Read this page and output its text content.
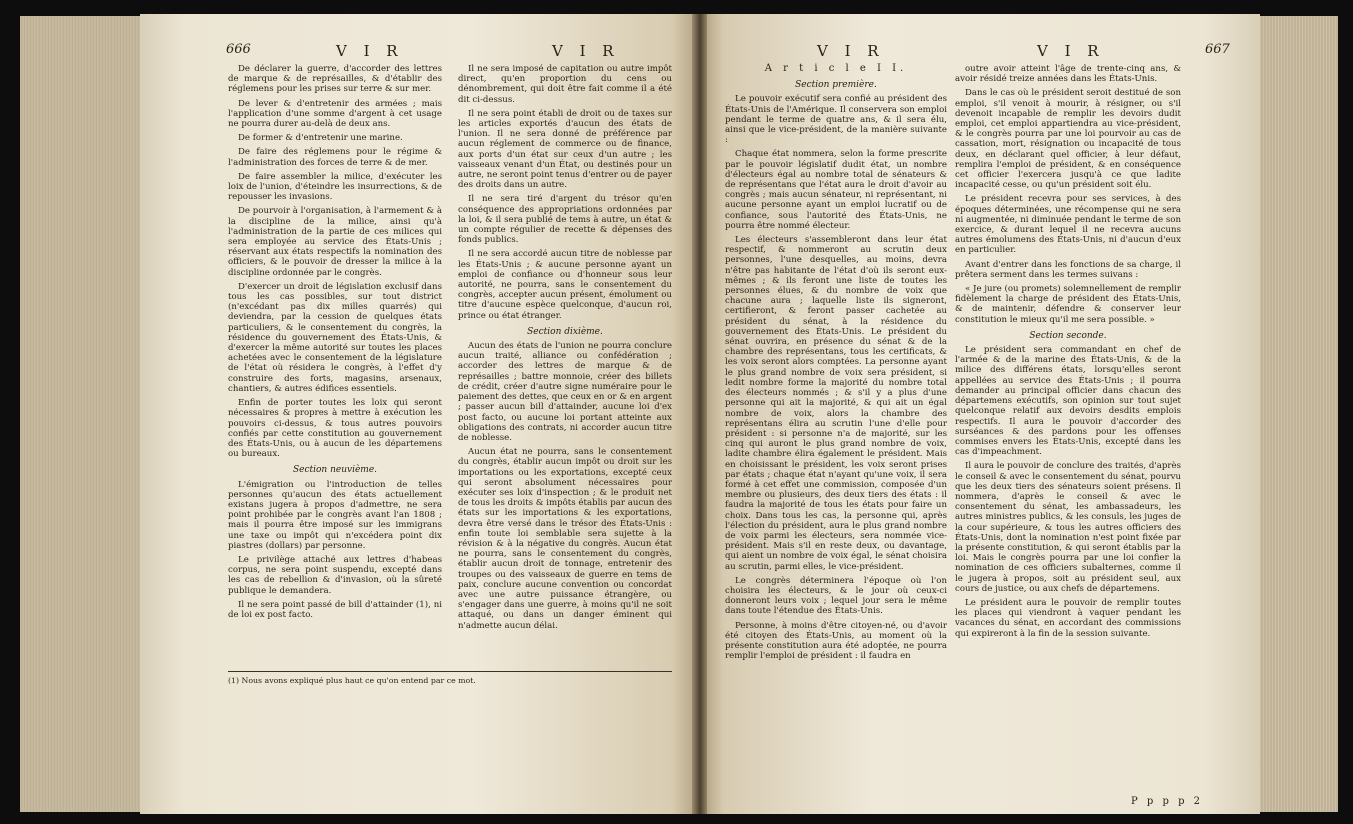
666	V I R	V I R

De déclarer la guerre, d'accorder des lettres de marque & de représailles, & d'établir des réglemens pour les prises sur terre & sur mer.

De lever & d'entretenir des armées ; mais l'application d'une somme d'argent à cet usage ne pourra durer au-delà de deux ans.

De former & d'entretenir une marine.

De faire des réglemens pour le régime & l'administration des forces de terre & de mer.

De faire assembler la milice, d'exécuter les loix de l'union, d'éteindre les insurrections, & de repousser les invasions.

De pourvoir à l'organisation, à l'armement & à la discipline de la milice, ainsi qu'à l'administration de la partie de ces milices qui sera employée au service des États-Unis ; réservant aux états respectifs la nomination des officiers, & le pouvoir de dresser la milice à la discipline ordonnée par le congrès.

D'exercer un droit de législation exclusif dans tous les cas possibles, sur tout district (n'excédant pas dix milles quarrés) qui deviendra, par la cession de quelques états particuliers, & le consentement du congrès, la résidence du gouvernement des États-Unis, & d'exercer la même autorité sur toutes les places achetées avec le consentement de la législature de l'état où résidera le congrès, à l'effet d'y construire des forts, magasins, arsenaux, chantiers, & autres édifices essentiels.

Enfin de porter toutes les loix qui seront nécessaires & propres à mettre à exécution les pouvoirs ci-dessus, & tous autres pouvoirs confiés par cette constitution au gouvernement des États-Unis, ou à aucun de les départemens ou bureaux.

Section neuvième.

L'émigration ou l'introduction de telles personnes qu'aucun des états actuellement existans jugera à propos d'admettre, ne sera point prohibée par le congrès avant l'an 1808 ; mais il pourra être imposé sur les immigrans une taxe ou impôt qui n'excédera point dix piastres (dollars) par personne.

Le privilège attaché aux lettres d'habeas corpus, ne sera point suspendu, excepté dans les cas de rebellion & d'invasion, où la sûreté publique le demandera.

Il ne sera point passé de bill d'attainder (1), ni de loi ex post facto.

Il ne sera imposé de capitation ou autre impôt direct, qu'en proportion du cens ou dénombrement, qui doit être fait comme il a été dit ci-dessus.

Il ne sera point établi de droit ou de taxes sur les articles exportés d'aucun des états de l'union. Il ne sera donné de préférence par aucun réglement de commerce ou de finance, aux ports d'un état sur ceux d'un autre ; les vaisseaux venant d'un État, ou destinés pour un autre, ne seront point tenus d'entrer ou de payer des droits dans un autre.

Il ne sera tiré d'argent du trésor qu'en conséquence des appropriations ordonnées par la loi, & il sera publié de tems à autre, un état & un compte régulier de recette & dépenses des fonds publics.

Il ne sera accordé aucun titre de noblesse par les États-Unis ; & aucune personne ayant un emploi de confiance ou d'honneur sous leur autorité, ne pourra, sans le consentement du congrès, accepter aucun présent, émolument ou titre d'aucune espèce quelconque, d'aucun roi, prince ou état étranger.

Section dixième.

Aucun des états de l'union ne pourra conclure aucun traité, alliance ou confédération ; accorder des lettres de marque & de représailles ; battre monnoie, créer des billets de crédit, créer d'autre signe numéraire pour le paiement des dettes, que ceux en or & en argent ; passer aucun bill d'attainder, aucune loi d'ex post facto, ou aucune loi portant atteinte aux obligations des contrats, ni accorder aucun titre de noblesse.

Aucun état ne pourra, sans le consentement du congrès, établir aucun impôt ou droit sur les importations ou les exportations, excepté ceux qui seront absolument nécessaires pour exécuter ses loix d'inspection ; & le produit net de tous les droits & impôts établis par aucun des états sur les importations & les exportations, devra être versé dans le trésor des États-Unis : enfin toute loi semblable sera sujette à la révision & à la négative du congrès. Aucun état ne pourra, sans le consentement du congrès, établir aucun droit de tonnage, entretenir des troupes ou des vaisseaux de guerre en tems de paix, conclure aucune convention ou concordat avec une autre puissance étrangère, ou s'engager dans une guerre, à moins qu'il ne soit attaqué, ou dans un danger éminent qui n'admette aucun délai.

(1) Nous avons expliqué plus haut ce qu'on entend par ce mot.
V I R	V I R	667
A r t i c l e I I.
Section première.

Le pouvoir exécutif sera confié au président des États-Unis de l'Amérique. Il conservera son emploi pendant le terme de quatre ans, & il sera élu, ainsi que le vice-président, de la manière suivante :

Chaque état nommera, selon la forme prescrite par le pouvoir législatif dudit état, un nombre d'électeurs égal au nombre total de sénateurs & de représentans que l'état aura le droit d'avoir au congrès ; mais aucun sénateur, ni représentant, ni aucune personne ayant un emploi lucratif ou de confiance, sous l'autorité des États-Unis, ne pourra être nommé électeur.

Les électeurs s'assembleront dans leur état respectif, & nommeront au scrutin deux personnes, l'une desquelles, au moins, devra n'être pas habitante de l'état d'où ils seront eux-mêmes ; & ils feront une liste de toutes les personnes élues, & du nombre de voix que chacune aura ; laquelle liste ils signeront, certifieront, & feront passer cachetée au président du sénat, à la résidence du gouvernement des États-Unis. Le président du sénat ouvrira, en présence du sénat & de la chambre des représentans, tous les certificats, & les voix seront alors comptées. La personne ayant le plus grand nombre de voix sera président, si ledit nombre forme la majorité du nombre total des électeurs nommés ; & s'il y a plus d'une personne qui ait la majorité, & qui ait un égal nombre de voix, alors la chambre des représentans élira au scrutin l'une d'elle pour président : si personne n'a de majorité, sur les cinq qui auront le plus grand nombre de voix, ladite chambre élira également le président. Mais en choisissant le président, les voix seront prises par états ; chaque état n'ayant qu'une voix, il sera formé à cet effet une commission, composée d'un membre ou plusieurs, des deux tiers des états : il faudra la majorité de tous les états pour faire un choix. Dans tous les cas, la personne qui, après l'élection du président, aura le plus grand nombre de voix parmi les électeurs, sera nommée vice-président. Mais s'il en reste deux, ou davantage, qui aient un nombre de voix égal, le sénat choisira au scrutin, parmi elles, le vice-président.

Le congrès déterminera l'époque où l'on choisira les électeurs, & le jour où ceux-ci donneront leurs voix ; lequel jour sera le même dans toute l'étendue des États-Unis.

Personne, à moins d'être citoyen-né, ou d'avoir été citoyen des États-Unis, au moment où la présente constitution aura été adoptée, ne pourra remplir l'emploi de président : il faudra en

outre avoir atteint l'âge de trente-cinq ans, & avoir résidé treize années dans les États-Unis.

Dans le cas où le président seroit destitué de son emploi, s'il venoit à mourir, à résigner, ou s'il devenoit incapable de remplir les devoirs dudit emploi, cet emploi appartiendra au vice-président, & le congrès pourra par une loi pourvoir au cas de cassation, mort, résignation ou incapacité de tous deux, en déclarant quel officier, à leur défaut, remplira l'emploi de président, & en conséquence cet officier l'exercera jusqu'à ce que ladite incapacité cesse, ou qu'un président soit élu.

Le président recevra pour ses services, à des époques déterminées, une récompense qui ne sera ni augmentée, ni diminuée pendant le terme de son exercice, & durant lequel il ne recevra aucuns autres émolumens des États-Unis, ni d'aucun d'eux en particulier.

Avant d'entrer dans les fonctions de sa charge, il prêtera serment dans les termes suivans :

« Je jure (ou promets) solemnellement de remplir fidèlement la charge de président des États-Unis, & de maintenir, défendre & conserver leur constitution le mieux qu'il me sera possible. »

Section seconde.

Le président sera commandant en chef de l'armée & de la marine des États-Unis, & de la milice des différens états, lorsqu'elles seront appellées au service des États-Unis ; il pourra demander au principal officier dans chacun des départemens exécutifs, son opinion sur tout sujet quelconque relatif aux devoirs desdits emplois respectifs. Il aura le pouvoir d'accorder des surséances & des pardons pour les offenses commises envers les États-Unis, excepté dans les cas d'impeachment.

Il aura le pouvoir de conclure des traités, d'après le conseil & avec le consentement du sénat, pourvu que les deux tiers des sénateurs soient présens. Il nommera, d'après le conseil & avec le consentement du sénat, les ambassadeurs, les autres ministres publics, & les consuls, les juges de la cour supérieure, & tous les autres officiers des États-Unis, dont la nomination n'est point fixée par la présente constitution, & qui seront établis par la loi. Mais le congrès pourra par une loi confier la nomination de ces officiers subalternes, comme il le jugera à propos, soit au président seul, aux cours de justice, ou aux chefs de départemens.

Le président aura le pouvoir de remplir toutes les places qui viendront à vaquer pendant les vacances du sénat, en accordant des commissions qui expireront à la fin de la session suivante.

P p p p 2
